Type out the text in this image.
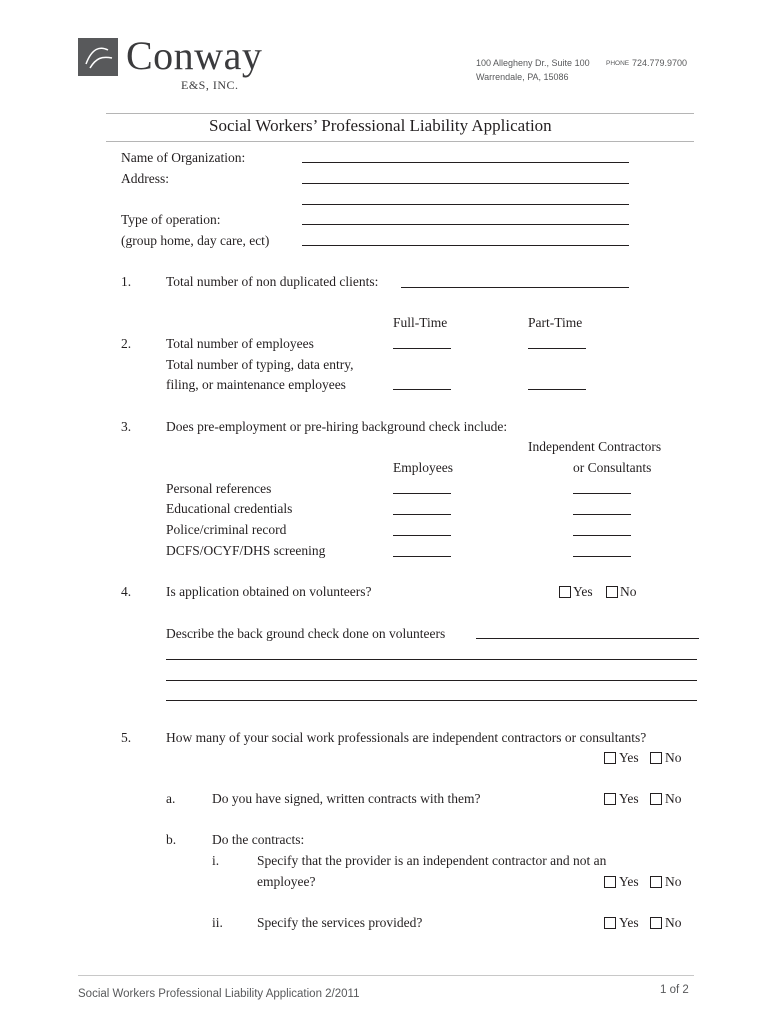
Conway
E&S, INC.
100 Allegheny Dr., Suite 100
Warrendale, PA, 15086
PHONE 724.779.9700
Social Workers’ Professional Liability Application
Name of Organization:
Address:
Type of operation:
(group home, day care, ect)
1.	Total number of non duplicated clients:
Full-Time	Part-Time
2.	Total number of employees
Total number of typing, data entry,
filing, or maintenance employees
3.	Does pre-employment or pre-hiring background check include:
Independent Contractors
Employees	or Consultants
Personal references
Educational credentials
Police/criminal record
DCFS/OCYF/DHS screening
4.	Is application obtained on volunteers?	Yes No
Describe the back ground check done on volunteers
5.	How many of your social work professionals are independent contractors or consultants?
Yes No
a.	Do you have signed, written contracts with them?	Yes No
b.	Do the contracts:
i.	Specify that the provider is an independent contractor and not an
employee?	Yes No
ii.	Specify the services provided?	Yes No
Social Workers Professional Liability Application 2/2011	1 of 2
